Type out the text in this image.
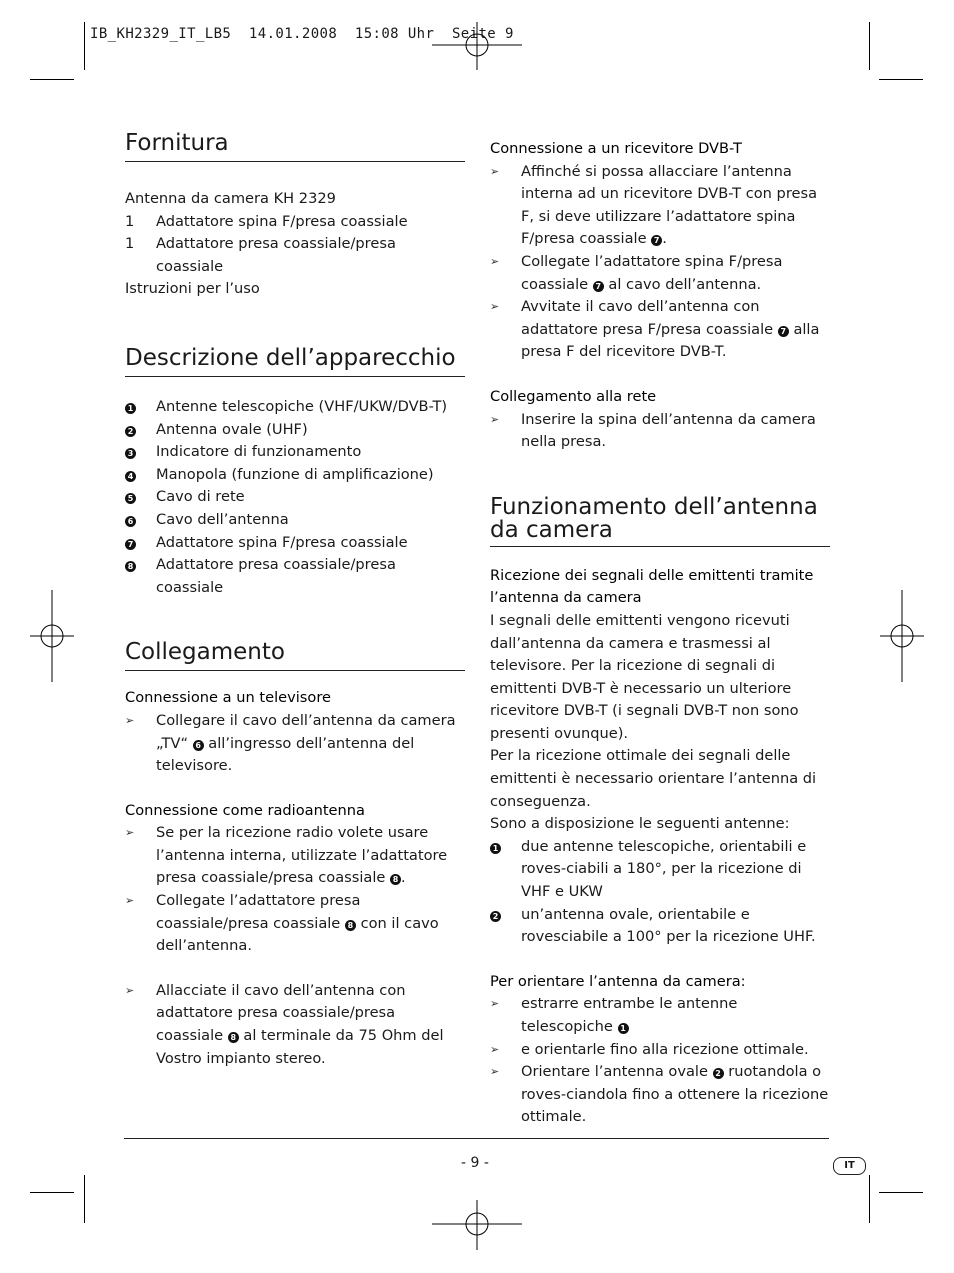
IB_KH2329_IT_LB5  14.01.2008  15:08 Uhr  Seite 9
Fornitura
Antenna da camera KH 2329
1 Adattatore spina F/presa coassiale
1 Adattatore presa coassiale/presa coassiale
Istruzioni per l’uso
Descrizione dell’apparecchio
1 Antenne telescopiche (VHF/UKW/DVB-T)
2 Antenna ovale (UHF)
3 Indicatore di funzionamento
4 Manopola (funzione di amplificazione)
5 Cavo di rete
6 Cavo dell’antenna
7 Adattatore spina F/presa coassiale
8 Adattatore presa coassiale/presa coassiale
Collegamento
Connessione a un televisore
➢ Collegare il cavo dell’antenna da camera „TV“ 6 all’ingresso dell’antenna del televisore.
Connessione come radioantenna
➢ Se per la ricezione radio volete usare l’antenna interna, utilizzate l’adattatore presa coassiale/presa coassiale 8 .
➢ Collegate l’adattatore presa coassiale/presa coassiale 8 con il cavo dell’antenna.
➢ Allacciate il cavo dell’antenna con adattatore presa coassiale/presa coassiale 8 al terminale da 75 Ohm del Vostro impianto stereo.
Connessione a un ricevitore DVB-T
➢ Affinché si possa allacciare l’antenna interna ad un ricevitore DVB-T con presa F, si deve utilizzare l’adattatore spina F/presa coassiale 7 .
➢ Collegate l’adattatore spina F/presa coassiale 7 al cavo dell’antenna.
➢ Avvitate il cavo dell’antenna con adattatore presa F/presa coassiale 7 alla presa F del ricevitore DVB-T.
Collegamento alla rete
➢ Inserire la spina dell’antenna da camera nella presa.
Funzionamento dell’antenna
da camera
Ricezione dei segnali delle emittenti tramite l’antenna da camera

I segnali delle emittenti vengono ricevuti dall’antenna da camera e trasmessi al televisore. Per la ricezione di segnali di emittenti DVB-T è necessario un ulteriore ricevitore DVB-T (i segnali DVB-T non sono presenti ovunque).

Per la ricezione ottimale dei segnali delle emittenti è necessario orientare l’antenna di conseguenza.

Sono a disposizione le seguenti antenne:

1 due antenne telescopiche, orientabili e roves-ciabili a 180°, per la ricezione di VHF e UKW
2 un’antenna ovale, orientabile e rovesciabile a 100° per la ricezione UHF.
Per orientare l’antenna da camera:
➢ estrarre entrambe le antenne telescopiche 1
➢ e orientarle fino alla ricezione ottimale.
➢ Orientare l’antenna ovale 2 ruotandola o roves-ciandola fino a ottenere la ricezione ottimale.
- 9 -	IT
